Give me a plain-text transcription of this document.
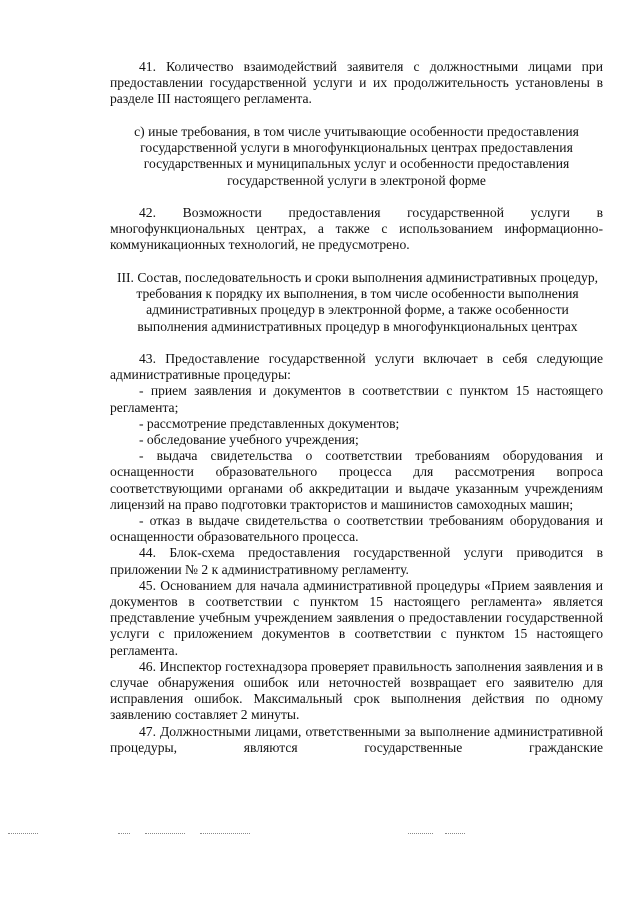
41. Количество взаимодействий заявителя с должностными лицами при предоставлении государственной услуги и их продолжительность установлены в разделе III настоящего регламента.

c) иные требования, в том числе учитывающие особенности предоставления государственной услуги в многофункциональных центрах предоставления государственных и муниципальных услуг и особенности предоставления государственной услуги в электроной форме

42. Возможности предоставления государственной услуги в многофункциональных центрах, а также с использованием информационно-коммуникационных технологий, не предусмотрено.

III. Состав, последовательность и сроки выполнения административных процедур, требования к порядку их выполнения, в том числе особенности выполнения административных процедур в электронной форме, а также особенности выполнения административных процедур в многофункциональных центрах

43. Предоставление государственной услуги включает в себя следующие административные процедуры:

- прием заявления и документов в соответствии с пунктом 15 настоящего регламента;

- рассмотрение представленных документов;

- обследование учебного учреждения;

- выдача свидетельства о соответствии требованиям оборудования и оснащенности образовательного процесса для рассмотрения вопроса соответствующими органами об аккредитации и выдаче указанным учреждениям лицензий на право подготовки трактористов и машинистов самоходных машин;

- отказ в выдаче свидетельства о соответствии требованиям оборудования и оснащенности образовательного процесса.

44. Блок-схема предоставления государственной услуги приводится в приложении № 2 к административному регламенту.

45. Основанием для начала административной процедуры «Прием заявления и документов в соответствии с пунктом 15 настоящего регламента» является представление учебным учреждением заявления о предоставлении государственной услуги с приложением документов в соответствии с пунктом 15 настоящего регламента.

46. Инспектор гостехнадзора проверяет правильность заполнения заявления и в случае обнаружения ошибок или неточностей возвращает его заявителю для исправления ошибок. Максимальный срок выполнения действия по одному заявлению составляет 2 минуты.

47. Должностными лицами, ответственными за выполнение административной процедуры, являются государственные гражданские
